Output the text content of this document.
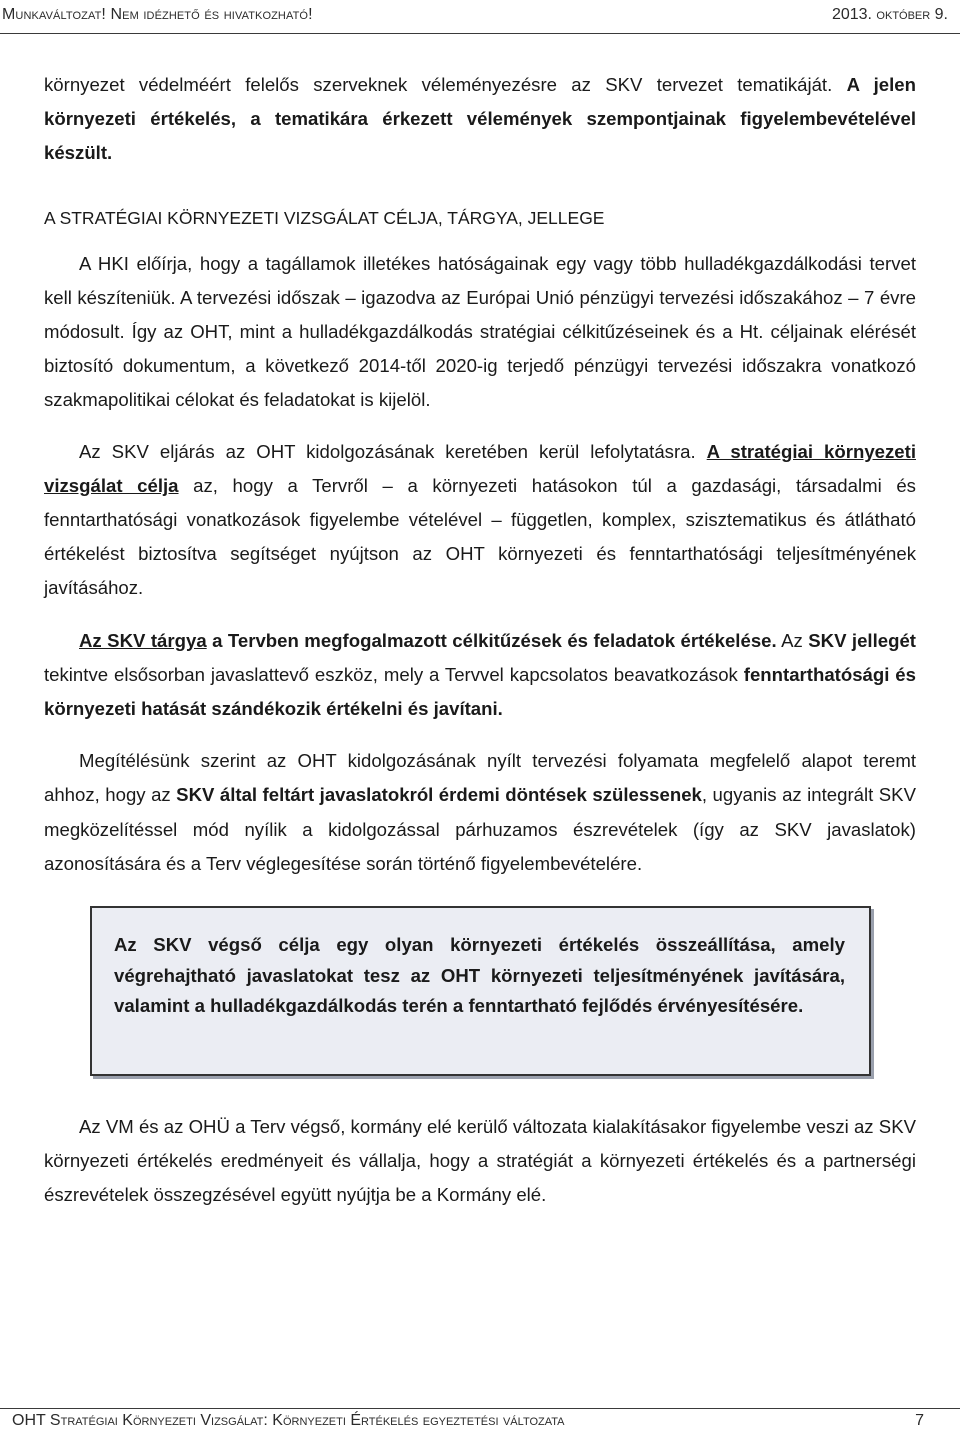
Munkaváltozat! Nem idézhető és hivatkozható!	2013. október 9.

környezet védelméért felelős szerveknek véleményezésre az SKV tervezet tematikáját. A jelen környezeti értékelés, a tematikára érkezett vélemények szempontjainak figyelembevételével készült.

A STRATÉGIAI KÖRNYEZETI VIZSGÁLAT CÉLJA, TÁRGYA, JELLEGE

A HKI előírja, hogy a tagállamok illetékes hatóságainak egy vagy több hulladékgazdálkodási tervet kell készíteniük. A tervezési időszak – igazodva az Európai Unió pénzügyi tervezési időszakához – 7 évre módosult. Így az OHT, mint a hulladékgazdálkodás stratégiai célkitűzéseinek és a Ht. céljainak elérését biztosító dokumentum, a következő 2014-től 2020-ig terjedő pénzügyi tervezési időszakra vonatkozó szakmapolitikai célokat és feladatokat is kijelöl.

Az SKV eljárás az OHT kidolgozásának keretében kerül lefolytatásra. A stratégiai környezeti vizsgálat célja az, hogy a Tervről – a környezeti hatásokon túl a gazdasági, társadalmi és fenntarthatósági vonatkozások figyelembe vételével – független, komplex, szisztematikus és átlátható értékelést biztosítva segítséget nyújtson az OHT környezeti és fenntarthatósági teljesítményének javításához.

Az SKV tárgya a Tervben megfogalmazott célkitűzések és feladatok értékelése. Az SKV jellegét tekintve elsősorban javaslattevő eszköz, mely a Tervvel kapcsolatos beavatkozások fenntarthatósági és környezeti hatását szándékozik értékelni és javítani.

Megítélésünk szerint az OHT kidolgozásának nyílt tervezési folyamata megfelelő alapot teremt ahhoz, hogy az SKV által feltárt javaslatokról érdemi döntések szülessenek, ugyanis az integrált SKV megközelítéssel mód nyílik a kidolgozással párhuzamos észrevételek (így az SKV javaslatok) azonosítására és a Terv véglegesítése során történő figyelembevételére.

Az SKV végső célja egy olyan környezeti értékelés összeállítása, amely végrehajtható javaslatokat tesz az OHT környezeti teljesítményének javítására, valamint a hulladékgazdálkodás terén a fenntartható fejlődés érvényesítésére.

Az VM és az OHÜ a Terv végső, kormány elé kerülő változata kialakításakor figyelembe veszi az SKV környezeti értékelés eredményeit és vállalja, hogy a stratégiát a környezeti értékelés és a partnerségi észrevételek összegzésével együtt nyújtja be a Kormány elé.

OHT Stratégiai Környezeti Vizsgálat: Környezeti Értékelés egyeztetési változata	7
